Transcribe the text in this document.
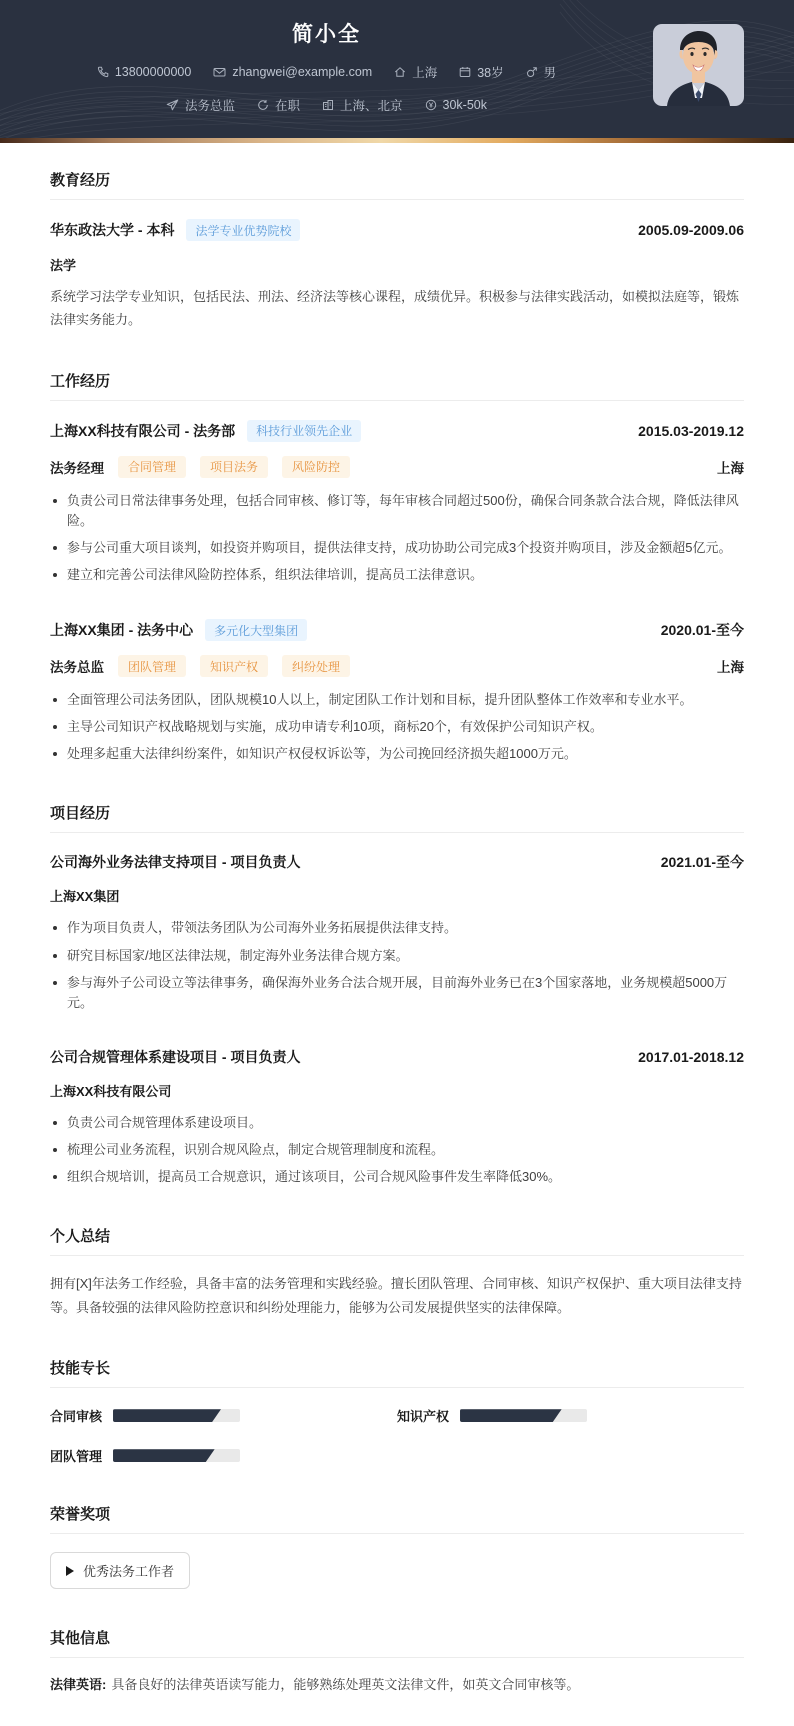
简小全
13800000000	zhangwei@example.com	上海	38岁	男
法务总监	在职	上海、北京	30k-50k
教育经历
华东政法大学 - 本科	法学专业优势院校	2005.09-2009.06
法学

系统学习法学专业知识，包括民法、刑法、经济法等核心课程，成绩优异。积极参与法律实践活动，如模拟法庭等，锻炼法律实务能力。

工作经历
上海XX科技有限公司 - 法务部	科技行业领先企业	2015.03-2019.12
法务经理	合同管理	项目法务	风险防控	上海
负责公司日常法律事务处理，包括合同审核、修订等，每年审核合同超过500份，确保合同条款合法合规，降低法律风险。
参与公司重大项目谈判，如投资并购项目，提供法律支持，成功协助公司完成3个投资并购项目，涉及金额超5亿元。
建立和完善公司法律风险防控体系，组织法律培训，提高员工法律意识。
上海XX集团 - 法务中心	多元化大型集团	2020.01-至今
法务总监	团队管理	知识产权	纠纷处理	上海
全面管理公司法务团队，团队规模10人以上，制定团队工作计划和目标，提升团队整体工作效率和专业水平。
主导公司知识产权战略规划与实施，成功申请专利10项，商标20个，有效保护公司知识产权。
处理多起重大法律纠纷案件，如知识产权侵权诉讼等，为公司挽回经济损失超1000万元。
项目经历
公司海外业务法律支持项目 - 项目负责人	2021.01-至今
上海XX集团
作为项目负责人，带领法务团队为公司海外业务拓展提供法律支持。
研究目标国家/地区法律法规，制定海外业务法律合规方案。
参与海外子公司设立等法律事务，确保海外业务合法合规开展，目前海外业务已在3个国家落地，业务规模超5000万元。
公司合规管理体系建设项目 - 项目负责人	2017.01-2018.12
上海XX科技有限公司
负责公司合规管理体系建设项目。
梳理公司业务流程，识别合规风险点，制定合规管理制度和流程。
组织合规培训，提高员工合规意识，通过该项目，公司合规风险事件发生率降低30%。
个人总结

拥有[X]年法务工作经验，具备丰富的法务管理和实践经验。擅长团队管理、合同审核、知识产权保护、重大项目法律支持等。具备较强的法律风险防控意识和纠纷处理能力，能够为公司发展提供坚实的法律保障。

技能专长
合同审核	知识产权
团队管理
荣誉奖项
优秀法务工作者
其他信息

法律英语: 具备良好的法律英语读写能力，能够熟练处理英文法律文件，如英文合同审核等。
